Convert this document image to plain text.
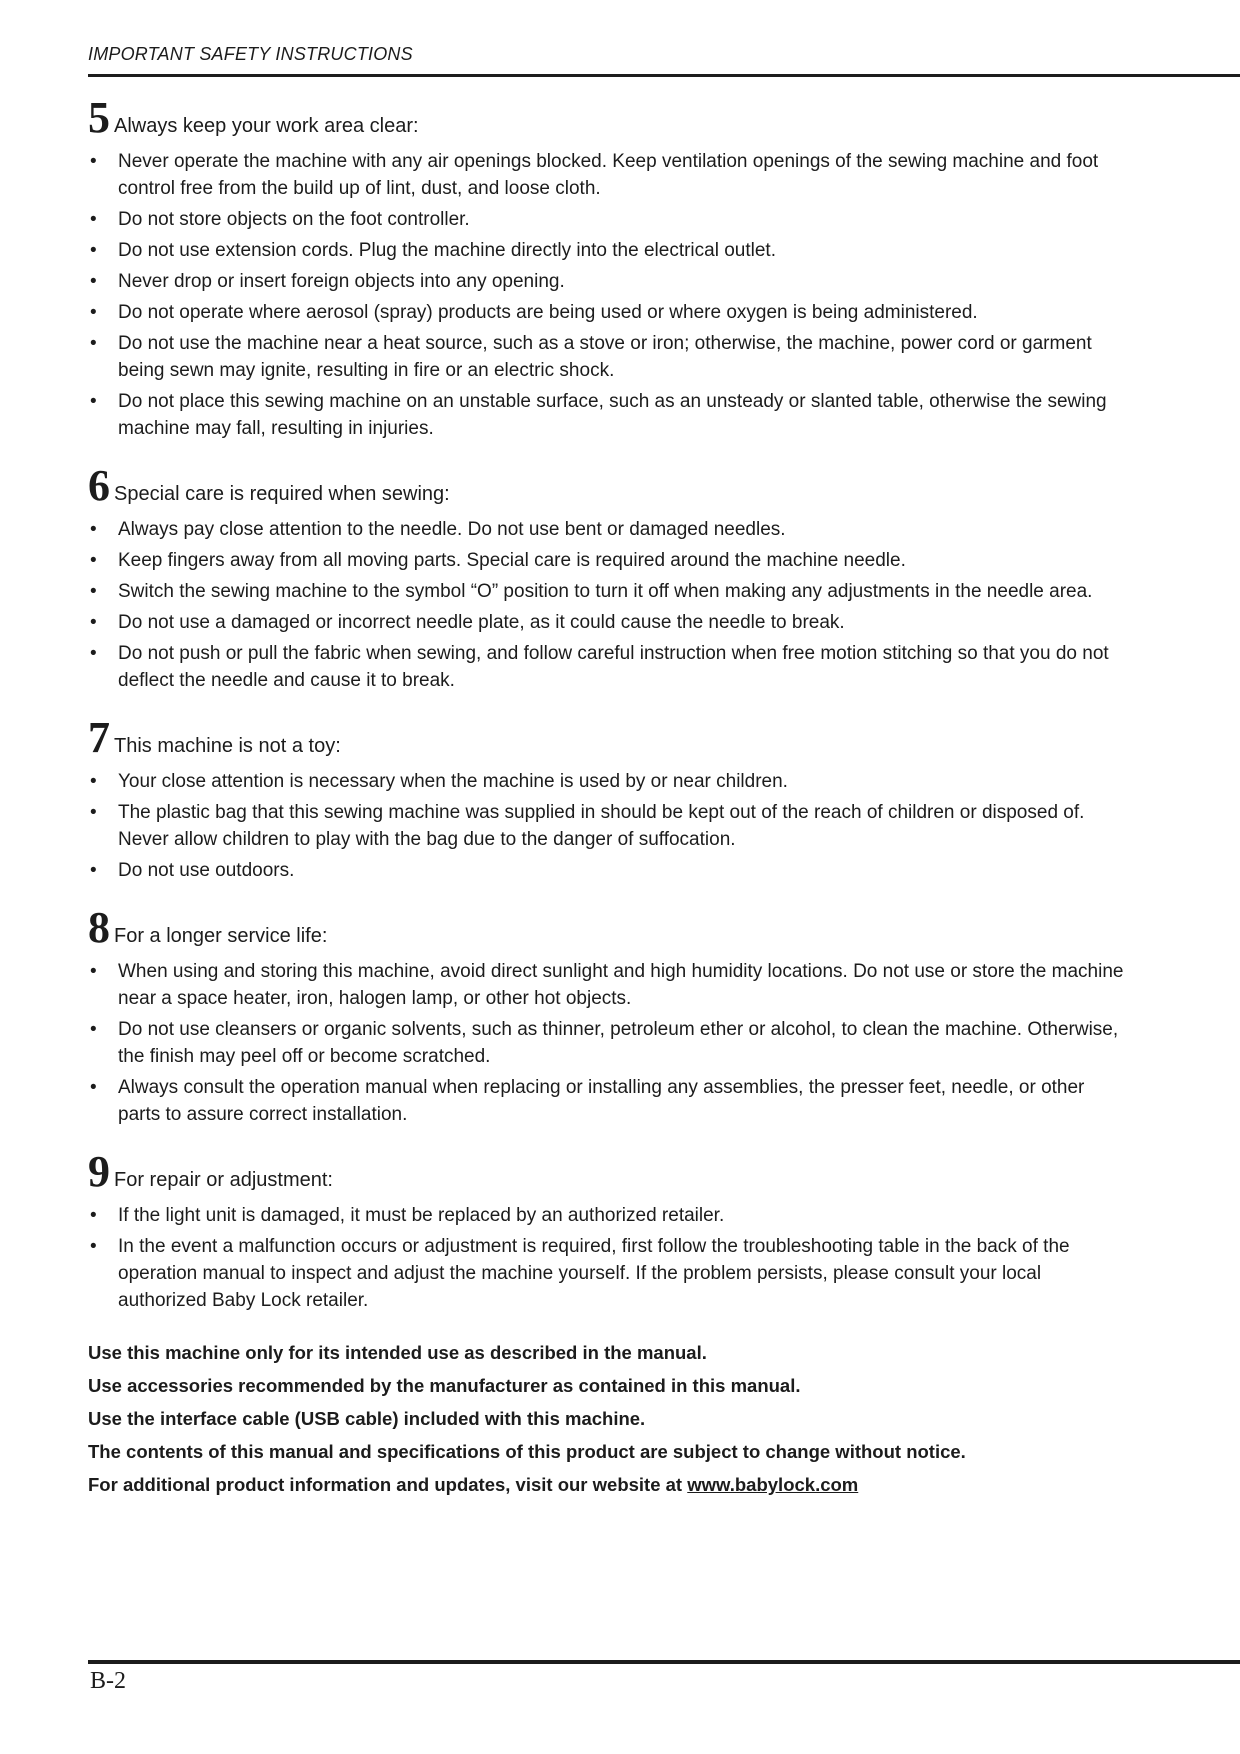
IMPORTANT SAFETY INSTRUCTIONS
5 Always keep your work area clear:
• Never operate the machine with any air openings blocked. Keep ventilation openings of the sewing machine and foot control free from the build up of lint, dust, and loose cloth.
• Do not store objects on the foot controller.
• Do not use extension cords. Plug the machine directly into the electrical outlet.
• Never drop or insert foreign objects into any opening.
• Do not operate where aerosol (spray) products are being used or where oxygen is being administered.
• Do not use the machine near a heat source, such as a stove or iron; otherwise, the machine, power cord or garment being sewn may ignite, resulting in fire or an electric shock.
• Do not place this sewing machine on an unstable surface, such as an unsteady or slanted table, otherwise the sewing machine may fall, resulting in injuries.
6 Special care is required when sewing:
• Always pay close attention to the needle. Do not use bent or damaged needles.
• Keep fingers away from all moving parts. Special care is required around the machine needle.
• Switch the sewing machine to the symbol “O” position to turn it off when making any adjustments in the needle area.
• Do not use a damaged or incorrect needle plate, as it could cause the needle to break.
• Do not push or pull the fabric when sewing, and follow careful instruction when free motion stitching so that you do not deflect the needle and cause it to break.
7 This machine is not a toy:
• Your close attention is necessary when the machine is used by or near children.
• The plastic bag that this sewing machine was supplied in should be kept out of the reach of children or disposed of. Never allow children to play with the bag due to the danger of suffocation.
• Do not use outdoors.
8 For a longer service life:
• When using and storing this machine, avoid direct sunlight and high humidity locations. Do not use or store the machine near a space heater, iron, halogen lamp, or other hot objects.
• Do not use cleansers or organic solvents, such as thinner, petroleum ether or alcohol, to clean the machine. Otherwise, the finish may peel off or become scratched.
• Always consult the operation manual when replacing or installing any assemblies, the presser feet, needle, or other parts to assure correct installation.
9 For repair or adjustment:
• If the light unit is damaged, it must be replaced by an authorized retailer.
• In the event a malfunction occurs or adjustment is required, first follow the troubleshooting table in the back of the operation manual to inspect and adjust the machine yourself. If the problem persists, please consult your local authorized Baby Lock retailer.
Use this machine only for its intended use as described in the manual.
Use accessories recommended by the manufacturer as contained in this manual.
Use the interface cable (USB cable) included with this machine.
The contents of this manual and specifications of this product are subject to change without notice.
For additional product information and updates, visit our website at www.babylock.com
B-2
